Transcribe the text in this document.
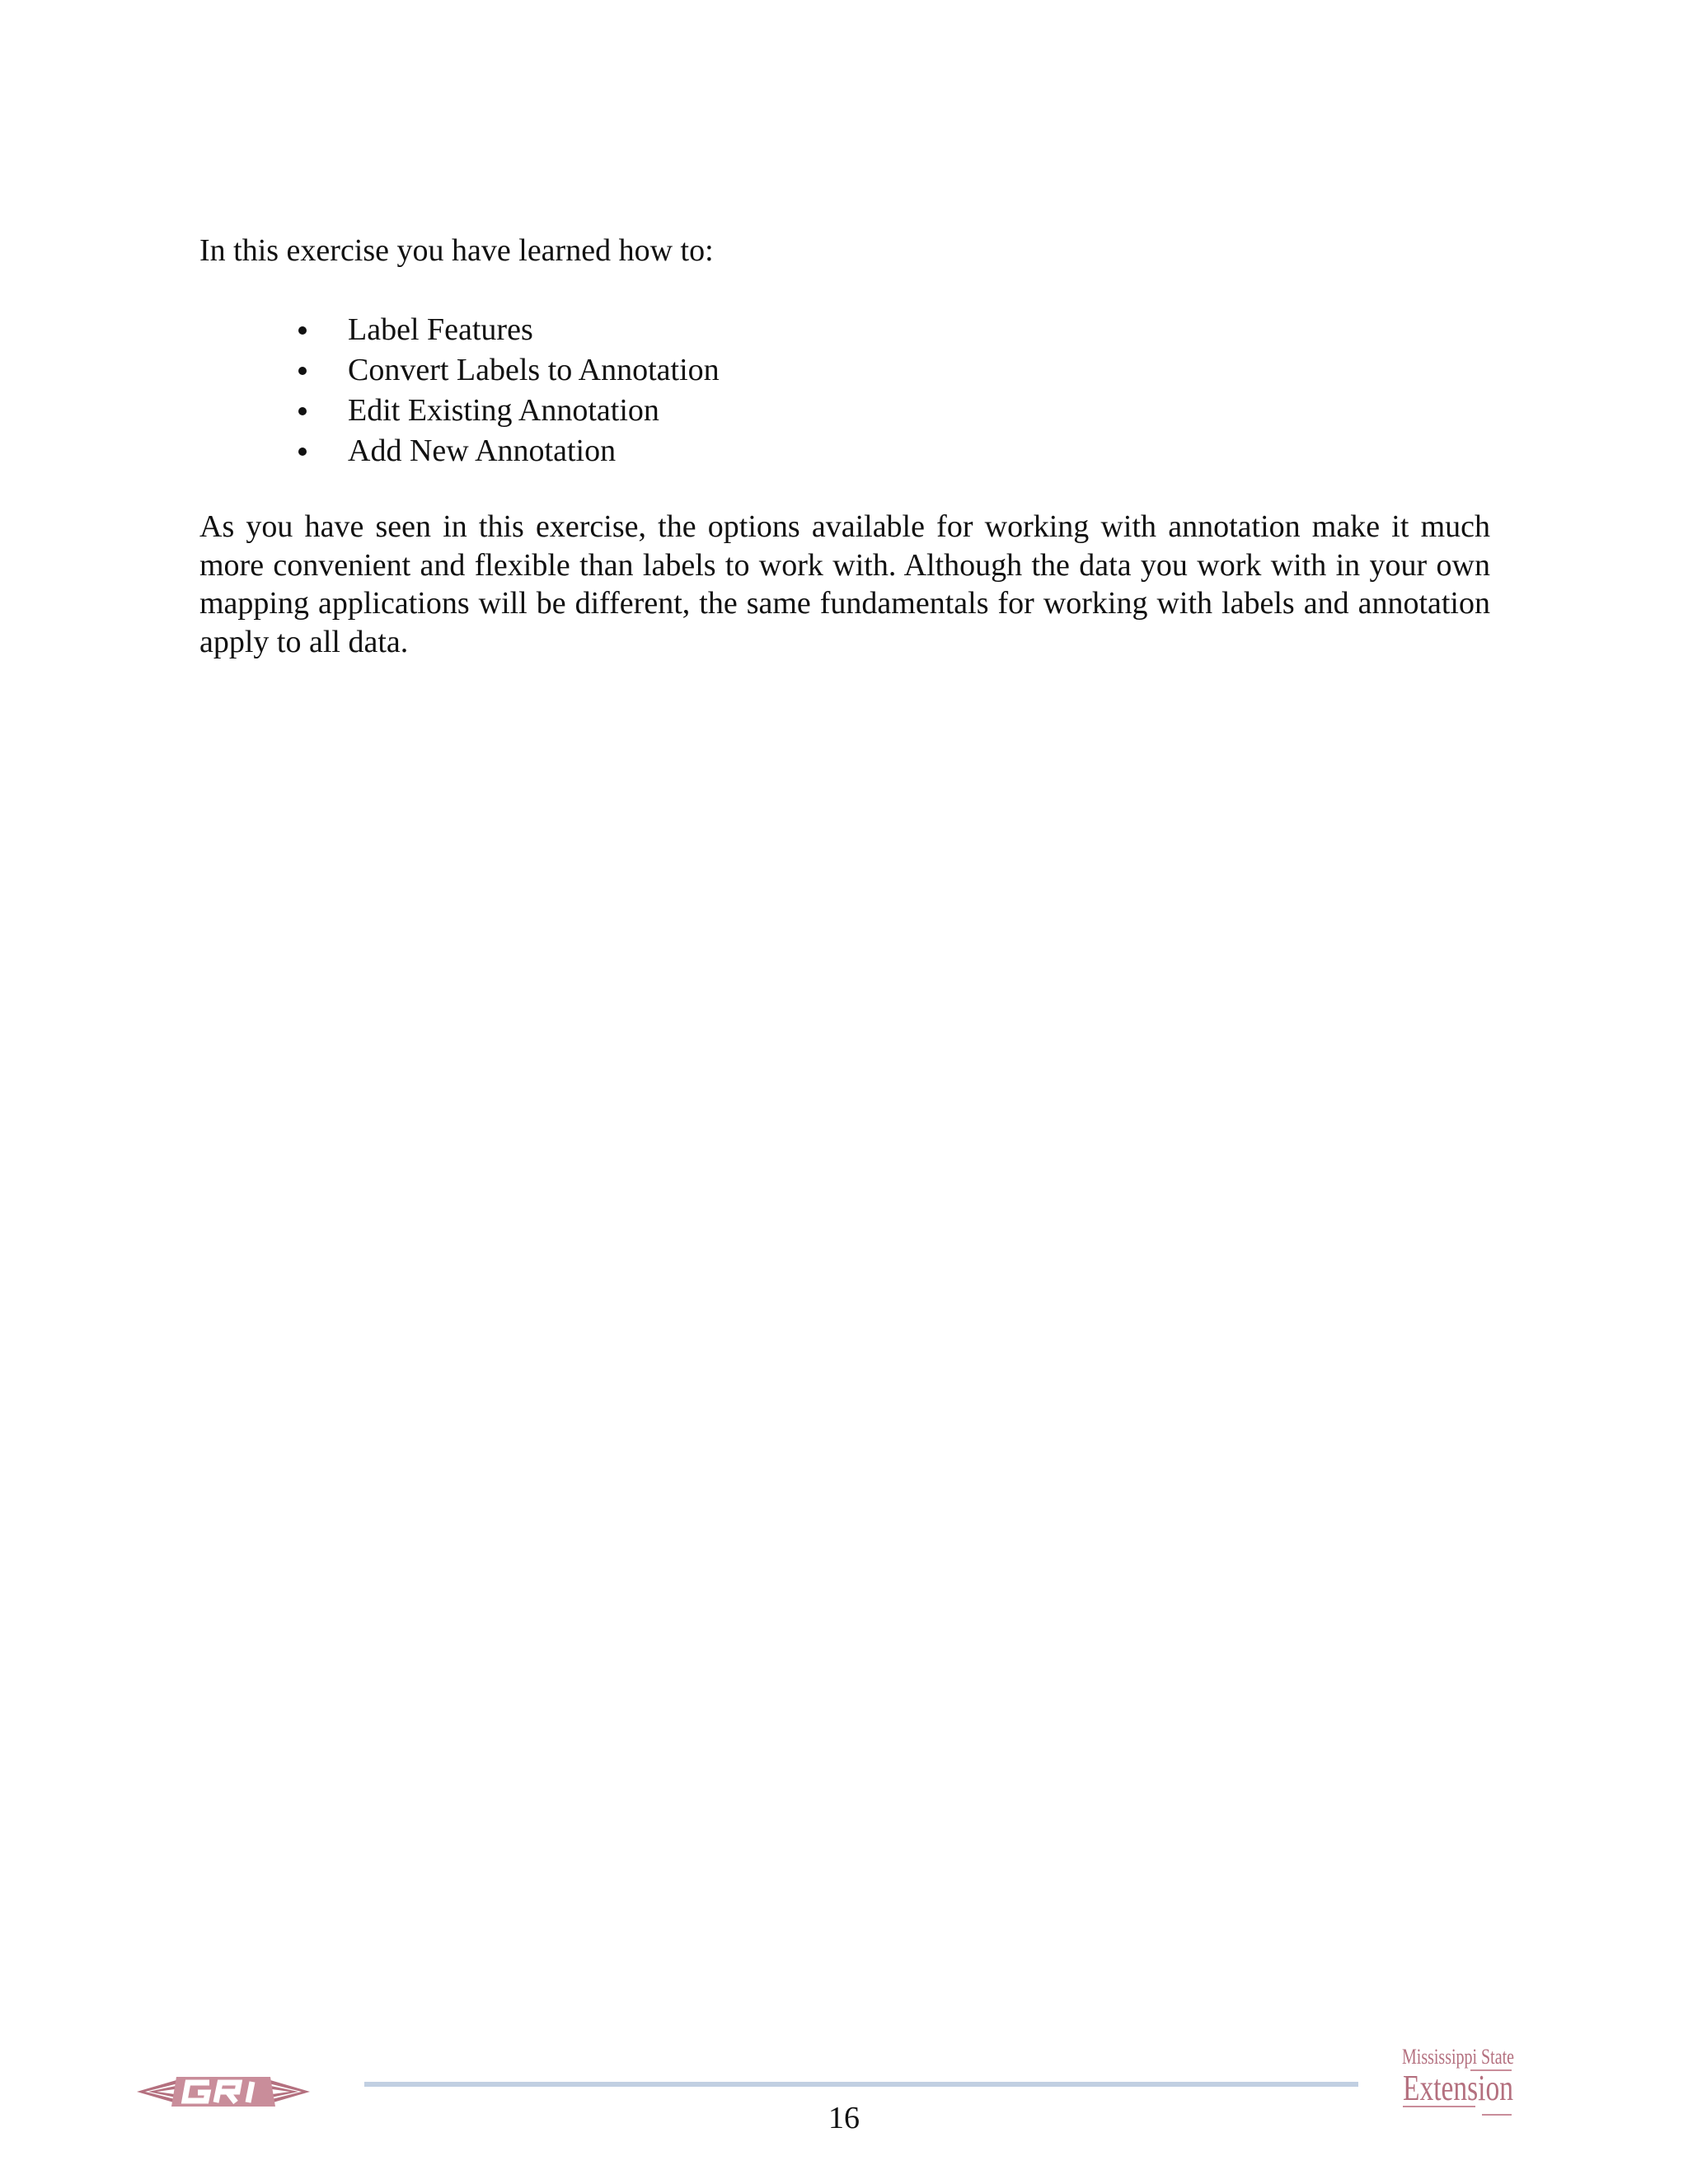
In this exercise you have learned how to:

Label Features
Convert Labels to Annotation
Edit Existing Annotation
Add New Annotation

As you have seen in this exercise, the options available for working with annotation make it much more convenient and flexible than labels to work with. Although the data you work with in your own mapping applications will be different, the same fundamentals for working with labels and annotation apply to all data.

16
Mississippi State
Extension
